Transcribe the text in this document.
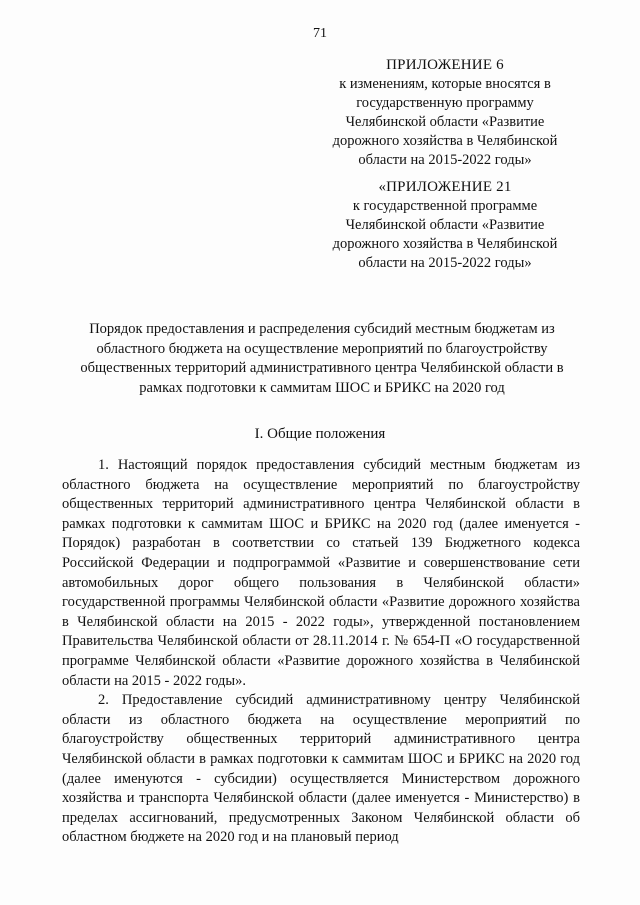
71
ПРИЛОЖЕНИЕ 6
к изменениям, которые вносятся в
государственную программу
Челябинской области «Развитие
дорожного хозяйства в Челябинской
области на 2015-2022 годы»
«ПРИЛОЖЕНИЕ 21
к государственной программе
Челябинской области «Развитие
дорожного хозяйства в Челябинской
области на 2015-2022 годы»
Порядок предоставления и распределения субсидий местным бюджетам из областного бюджета на осуществление мероприятий по благоустройству общественных территорий административного центра Челябинской области в рамках подготовки к саммитам ШОС и БРИКС на 2020 год
I. Общие положения

1. Настоящий порядок предоставления субсидий местным бюджетам из областного бюджета на осуществление мероприятий по благоустройству общественных территорий административного центра Челябинской области в рамках подготовки к саммитам ШОС и БРИКС на 2020 год (далее именуется - Порядок) разработан в соответствии со статьей 139 Бюджетного кодекса Российской Федерации и подпрограммой «Развитие и совершенствование сети автомобильных дорог общего пользования в Челябинской области» государственной программы Челябинской области «Развитие дорожного хозяйства в Челябинской области на 2015 - 2022 годы», утвержденной постановлением Правительства Челябинской области от 28.11.2014 г. № 654-П «О государственной программе Челябинской области «Развитие дорожного хозяйства в Челябинской области на 2015 - 2022 годы».

2. Предоставление субсидий административному центру Челябинской области из областного бюджета на осуществление мероприятий по благоустройству общественных территорий административного центра Челябинской области в рамках подготовки к саммитам ШОС и БРИКС на 2020 год (далее именуются - субсидии) осуществляется Министерством дорожного хозяйства и транспорта Челябинской области (далее именуется - Министерство) в пределах ассигнований, предусмотренных Законом Челябинской области об областном бюджете на 2020 год и на плановый период
